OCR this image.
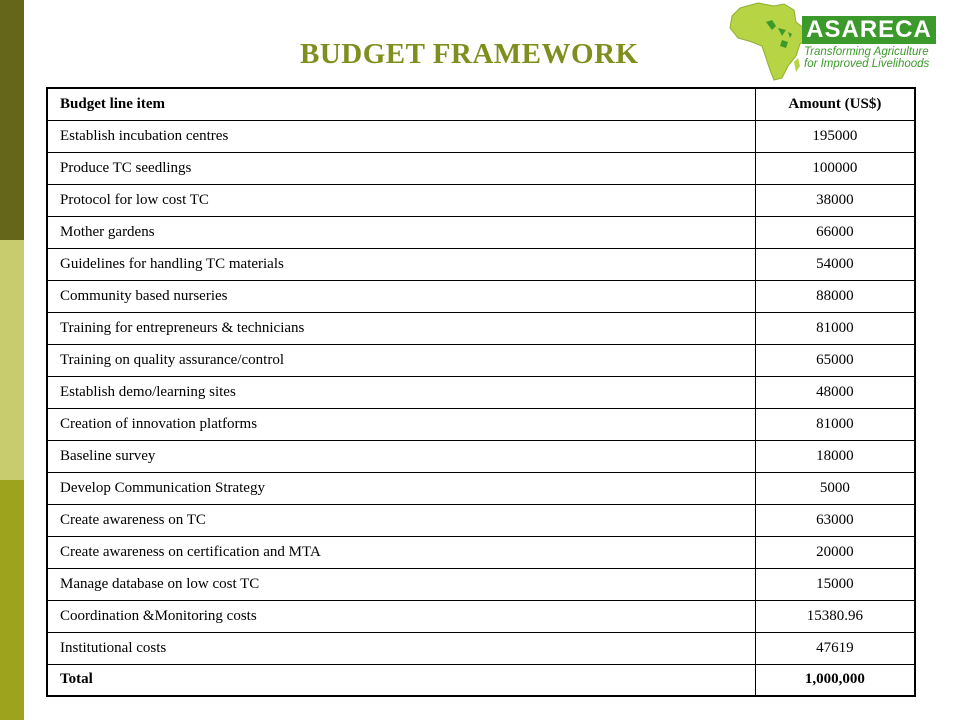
BUDGET FRAMEWORK
ASARECA
Transforming Agriculture
for Improved Livelihoods
Budget line item	Amount (US$)
Establish incubation centres	195000
Produce TC seedlings	100000
Protocol for low cost TC	38000
Mother gardens	66000
Guidelines for handling TC materials	54000
Community based nurseries	88000
Training for entrepreneurs & technicians	81000
Training on quality assurance/control	65000
Establish demo/learning sites	48000
Creation of innovation platforms	81000
Baseline survey	18000
Develop Communication Strategy	5000
Create awareness on TC	63000
Create awareness on certification and MTA	20000
Manage database on low cost TC	15000
Coordination &Monitoring costs	15380.96
Institutional costs	47619
Total	1,000,000
